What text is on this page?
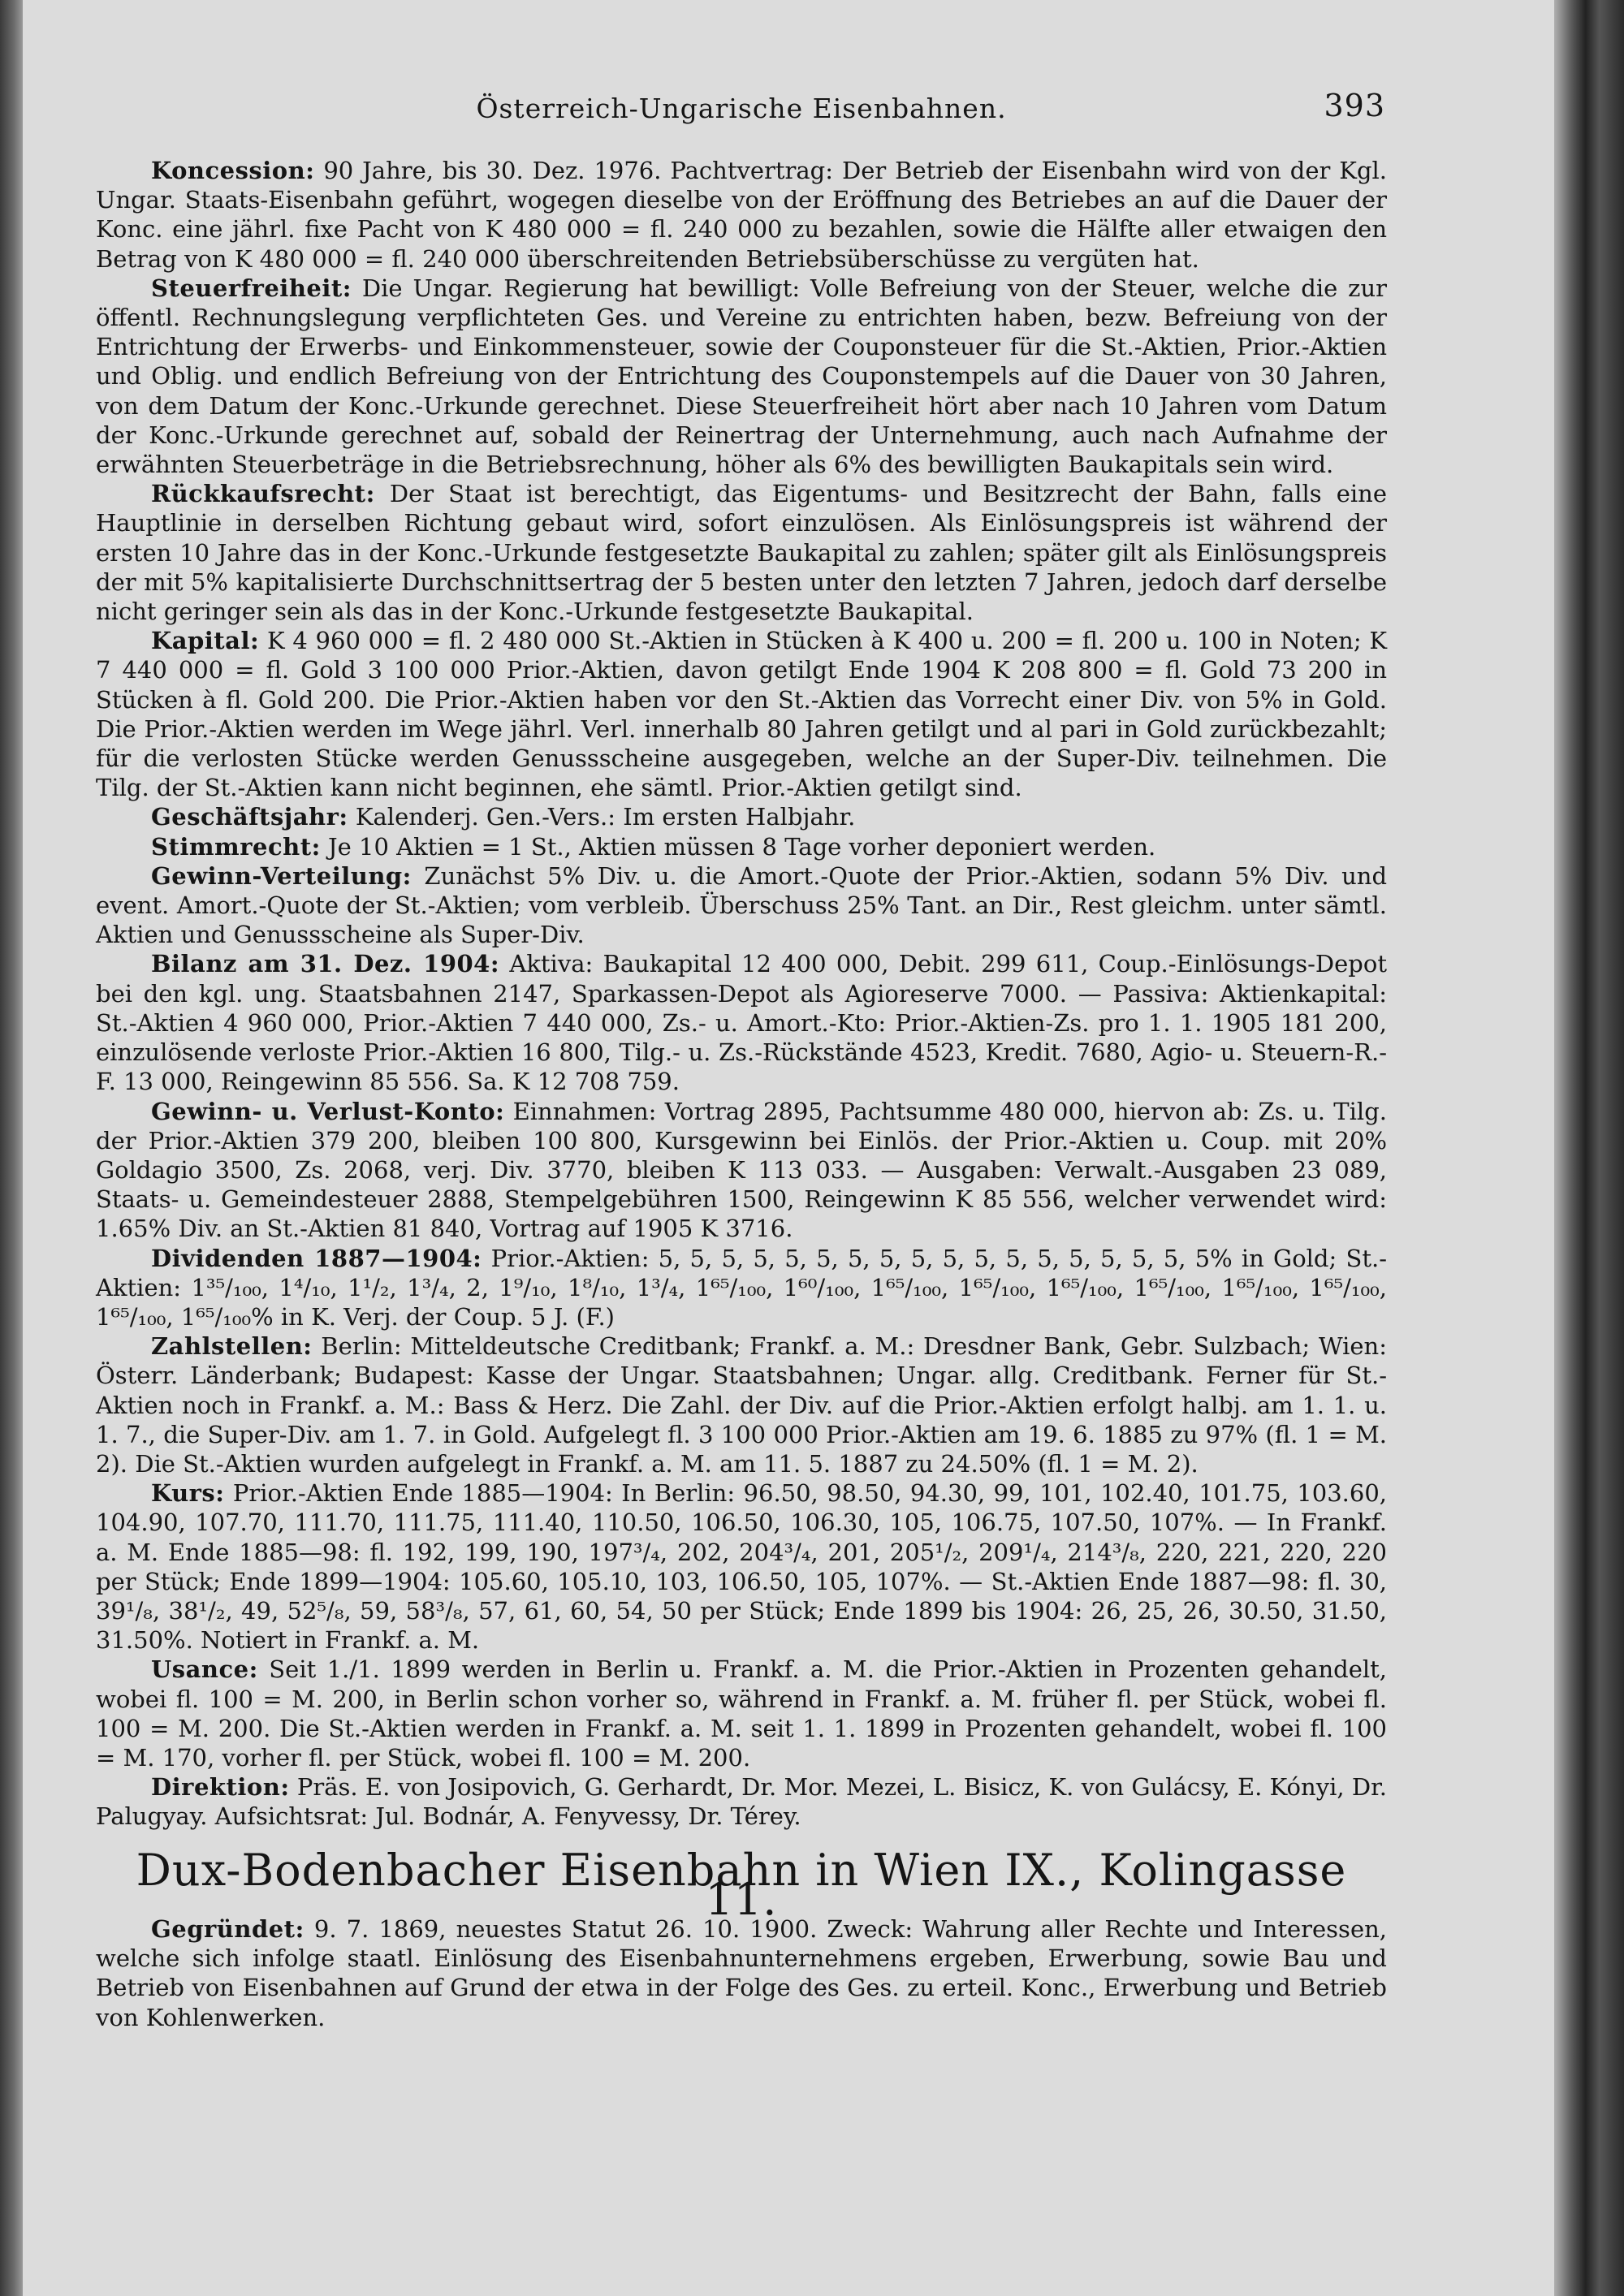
Österreich-Ungarische Eisenbahnen.	393

Koncession: 90 Jahre, bis 30. Dez. 1976. Pachtvertrag: Der Betrieb der Eisenbahn wird von der Kgl. Ungar. Staats-Eisenbahn geführt, wogegen dieselbe von der Eröffnung des Betriebes an auf die Dauer der Konc. eine jährl. fixe Pacht von K 480 000 = fl. 240 000 zu bezahlen, sowie die Hälfte aller etwaigen den Betrag von K 480 000 = fl. 240 000 überschreitenden Betriebsüberschüsse zu vergüten hat.

Steuerfreiheit: Die Ungar. Regierung hat bewilligt: Volle Befreiung von der Steuer, welche die zur öffentl. Rechnungslegung verpflichteten Ges. und Vereine zu entrichten haben, bezw. Befreiung von der Entrichtung der Erwerbs- und Einkommensteuer, sowie der Couponsteuer für die St.-Aktien, Prior.-Aktien und Oblig. und endlich Befreiung von der Entrichtung des Couponstempels auf die Dauer von 30 Jahren, von dem Datum der Konc.-Urkunde gerechnet. Diese Steuerfreiheit hört aber nach 10 Jahren vom Datum der Konc.-Urkunde gerechnet auf, sobald der Reinertrag der Unternehmung, auch nach Aufnahme der erwähnten Steuerbeträge in die Betriebsrechnung, höher als 6% des bewilligten Baukapitals sein wird.

Rückkaufsrecht: Der Staat ist berechtigt, das Eigentums- und Besitzrecht der Bahn, falls eine Hauptlinie in derselben Richtung gebaut wird, sofort einzulösen. Als Einlösungspreis ist während der ersten 10 Jahre das in der Konc.-Urkunde festgesetzte Baukapital zu zahlen; später gilt als Einlösungspreis der mit 5% kapitalisierte Durchschnittsertrag der 5 besten unter den letzten 7 Jahren, jedoch darf derselbe nicht geringer sein als das in der Konc.-Urkunde festgesetzte Baukapital.

Kapital: K 4 960 000 = fl. 2 480 000 St.-Aktien in Stücken à K 400 u. 200 = fl. 200 u. 100 in Noten; K 7 440 000 = fl. Gold 3 100 000 Prior.-Aktien, davon getilgt Ende 1904 K 208 800 = fl. Gold 73 200 in Stücken à fl. Gold 200. Die Prior.-Aktien haben vor den St.-Aktien das Vorrecht einer Div. von 5% in Gold. Die Prior.-Aktien werden im Wege jährl. Verl. innerhalb 80 Jahren getilgt und al pari in Gold zurückbezahlt; für die verlosten Stücke werden Genussscheine ausgegeben, welche an der Super-Div. teilnehmen. Die Tilg. der St.-Aktien kann nicht beginnen, ehe sämtl. Prior.-Aktien getilgt sind.

Geschäftsjahr: Kalenderj. Gen.-Vers.: Im ersten Halbjahr.

Stimmrecht: Je 10 Aktien = 1 St., Aktien müssen 8 Tage vorher deponiert werden.

Gewinn-Verteilung: Zunächst 5% Div. u. die Amort.-Quote der Prior.-Aktien, sodann 5% Div. und event. Amort.-Quote der St.-Aktien; vom verbleib. Überschuss 25% Tant. an Dir., Rest gleichm. unter sämtl. Aktien und Genussscheine als Super-Div.

Bilanz am 31. Dez. 1904: Aktiva: Baukapital 12 400 000, Debit. 299 611, Coup.-Einlösungs-Depot bei den kgl. ung. Staatsbahnen 2147, Sparkassen-Depot als Agioreserve 7000. — Passiva: Aktienkapital: St.-Aktien 4 960 000, Prior.-Aktien 7 440 000, Zs.- u. Amort.-Kto: Prior.-Aktien-Zs. pro 1. 1. 1905 181 200, einzulösende verloste Prior.-Aktien 16 800, Tilg.- u. Zs.-Rückstände 4523, Kredit. 7680, Agio- u. Steuern-R.-F. 13 000, Reingewinn 85 556. Sa. K 12 708 759.

Gewinn- u. Verlust-Konto: Einnahmen: Vortrag 2895, Pachtsumme 480 000, hiervon ab: Zs. u. Tilg. der Prior.-Aktien 379 200, bleiben 100 800, Kursgewinn bei Einlös. der Prior.-Aktien u. Coup. mit 20% Goldagio 3500, Zs. 2068, verj. Div. 3770, bleiben K 113 033. — Ausgaben: Verwalt.-Ausgaben 23 089, Staats- u. Gemeindesteuer 2888, Stempelgebühren 1500, Reingewinn K 85 556, welcher verwendet wird: 1.65% Div. an St.-Aktien 81 840, Vortrag auf 1905 K 3716.

Dividenden 1887—1904: Prior.-Aktien: 5, 5, 5, 5, 5, 5, 5, 5, 5, 5, 5, 5, 5, 5, 5, 5, 5, 5% in Gold; St.-Aktien: 1³⁵/₁₀₀, 1⁴/₁₀, 1¹/₂, 1³/₄, 2, 1⁹/₁₀, 1⁸/₁₀, 1³/₄, 1⁶⁵/₁₀₀, 1⁶⁰/₁₀₀, 1⁶⁵/₁₀₀, 1⁶⁵/₁₀₀, 1⁶⁵/₁₀₀, 1⁶⁵/₁₀₀, 1⁶⁵/₁₀₀, 1⁶⁵/₁₀₀, 1⁶⁵/₁₀₀, 1⁶⁵/₁₀₀% in K. Verj. der Coup. 5 J. (F.)

Zahlstellen: Berlin: Mitteldeutsche Creditbank; Frankf. a. M.: Dresdner Bank, Gebr. Sulzbach; Wien: Österr. Länderbank; Budapest: Kasse der Ungar. Staatsbahnen; Ungar. allg. Creditbank. Ferner für St.-Aktien noch in Frankf. a. M.: Bass & Herz. Die Zahl. der Div. auf die Prior.-Aktien erfolgt halbj. am 1. 1. u. 1. 7., die Super-Div. am 1. 7. in Gold. Aufgelegt fl. 3 100 000 Prior.-Aktien am 19. 6. 1885 zu 97% (fl. 1 = M. 2). Die St.-Aktien wurden aufgelegt in Frankf. a. M. am 11. 5. 1887 zu 24.50% (fl. 1 = M. 2).

Kurs: Prior.-Aktien Ende 1885—1904: In Berlin: 96.50, 98.50, 94.30, 99, 101, 102.40, 101.75, 103.60, 104.90, 107.70, 111.70, 111.75, 111.40, 110.50, 106.50, 106.30, 105, 106.75, 107.50, 107%. — In Frankf. a. M. Ende 1885—98: fl. 192, 199, 190, 197³/₄, 202, 204³/₄, 201, 205¹/₂, 209¹/₄, 214³/₈, 220, 221, 220, 220 per Stück; Ende 1899—1904: 105.60, 105.10, 103, 106.50, 105, 107%. — St.-Aktien Ende 1887—98: fl. 30, 39¹/₈, 38¹/₂, 49, 52⁵/₈, 59, 58³/₈, 57, 61, 60, 54, 50 per Stück; Ende 1899 bis 1904: 26, 25, 26, 30.50, 31.50, 31.50%. Notiert in Frankf. a. M.

Usance: Seit 1./1. 1899 werden in Berlin u. Frankf. a. M. die Prior.-Aktien in Prozenten gehandelt, wobei fl. 100 = M. 200, in Berlin schon vorher so, während in Frankf. a. M. früher fl. per Stück, wobei fl. 100 = M. 200. Die St.-Aktien werden in Frankf. a. M. seit 1. 1. 1899 in Prozenten gehandelt, wobei fl. 100 = M. 170, vorher fl. per Stück, wobei fl. 100 = M. 200.

Direktion: Präs. E. von Josipovich, G. Gerhardt, Dr. Mor. Mezei, L. Bisicz, K. von Gulácsy, E. Kónyi, Dr. Palugyay. Aufsichtsrat: Jul. Bodnár, A. Fenyvessy, Dr. Térey.

Dux-Bodenbacher Eisenbahn in Wien IX., Kolingasse 11.

Gegründet: 9. 7. 1869, neuestes Statut 26. 10. 1900. Zweck: Wahrung aller Rechte und Interessen, welche sich infolge staatl. Einlösung des Eisenbahnunternehmens ergeben, Erwerbung, sowie Bau und Betrieb von Eisenbahnen auf Grund der etwa in der Folge des Ges. zu erteil. Konc., Erwerbung und Betrieb von Kohlenwerken.
